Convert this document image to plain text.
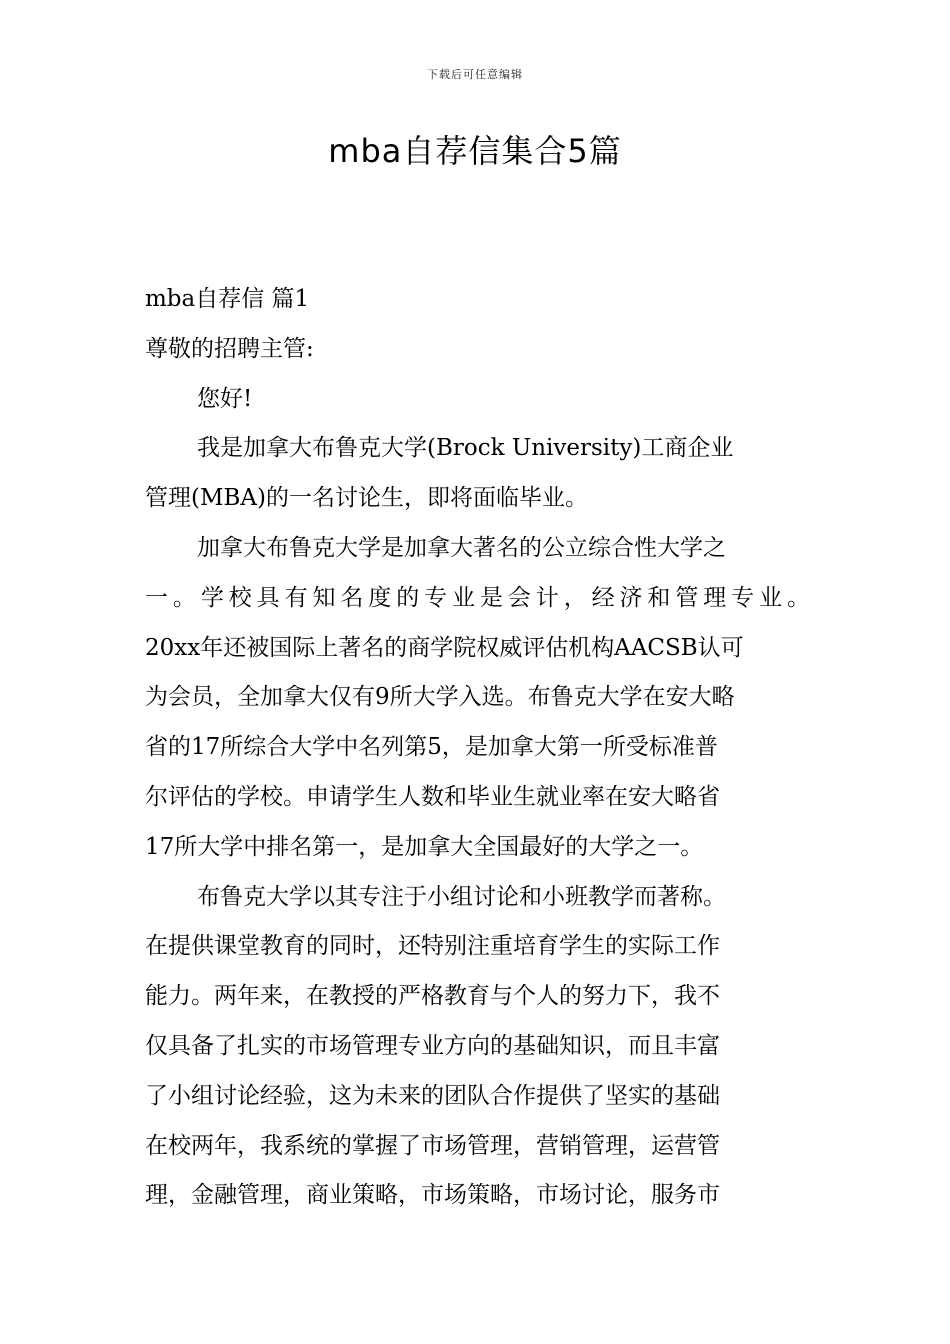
下载后可任意编辑
mba自荐信集合5篇
mba自荐信 篇1
尊敬的招聘主管:
您好!
我是加拿大布鲁克大学(Brock University)工商企业
管理(MBA)的一名讨论生，即将面临毕业。
加拿大布鲁克大学是加拿大著名的公立综合性大学之
一。学校具有知名度的专业是会计，经济和管理专业。
20xx年还被国际上著名的商学院权威评估机构AACSB认可
为会员，全加拿大仅有9所大学入选。布鲁克大学在安大略
省的17所综合大学中名列第5，是加拿大第一所受标准普
尔评估的学校。申请学生人数和毕业生就业率在安大略省
17所大学中排名第一，是加拿大全国最好的大学之一。
布鲁克大学以其专注于小组讨论和小班教学而著称。
在提供课堂教育的同时，还特别注重培育学生的实际工作
能力。两年来，在教授的严格教育与个人的努力下，我不
仅具备了扎实的市场管理专业方向的基础知识，而且丰富
了小组讨论经验，这为未来的团队合作提供了坚实的基础
在校两年，我系统的掌握了市场管理，营销管理，运营管
理，金融管理，商业策略，市场策略，市场讨论，服务市
